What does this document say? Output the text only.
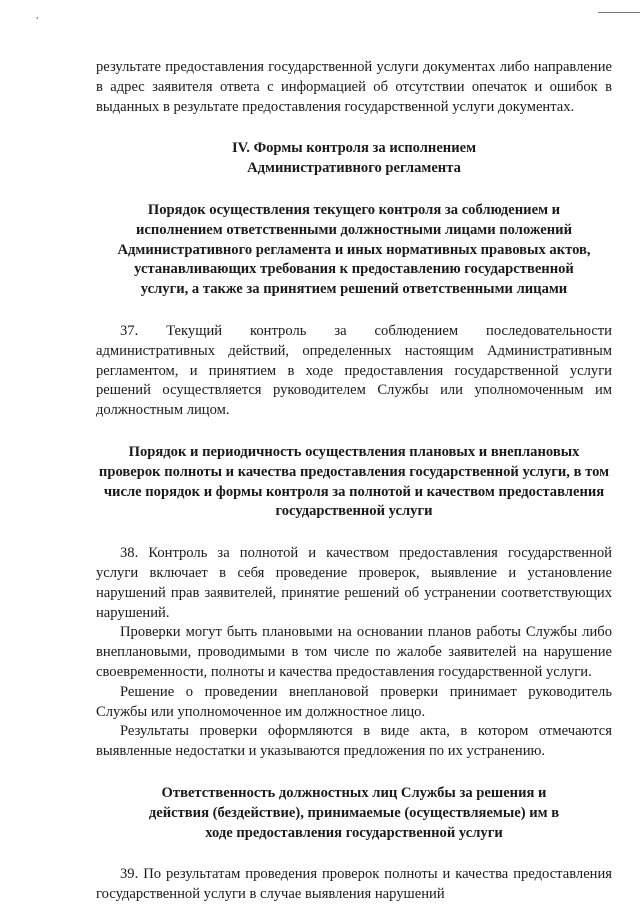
,

результате предоставления государственной услуги документах либо направление в адрес заявителя ответа с информацией об отсутствии опечаток и ошибок в выданных в результате предоставления государственной услуги документах.

IV. Формы контроля за исполнением Административного регламента
Порядок осуществления текущего контроля за соблюдением и исполнением ответственными должностными лицами положений Административного регламента и иных нормативных правовых актов, устанавливающих требования к предоставлению государственной услуги, а также за принятием решений ответственными лицами

37. Текущий контроль за соблюдением последовательности административных действий, определенных настоящим Административным регламентом, и принятием в ходе предоставления государственной услуги решений осуществляется руководителем Службы или уполномоченным им должностным лицом.

Порядок и периодичность осуществления плановых и внеплановых проверок полноты и качества предоставления государственной услуги, в том числе порядок и формы контроля за полнотой и качеством предоставления государственной услуги

38. Контроль за полнотой и качеством предоставления государственной услуги включает в себя проведение проверок, выявление и установление нарушений прав заявителей, принятие решений об устранении соответствующих нарушений.

Проверки могут быть плановыми на основании планов работы Службы либо внеплановыми, проводимыми в том числе по жалобе заявителей на нарушение своевременности, полноты и качества предоставления государственной услуги.

Решение о проведении внеплановой проверки принимает руководитель Службы или уполномоченное им должностное лицо.

Результаты проверки оформляются в виде акта, в котором отмечаются выявленные недостатки и указываются предложения по их устранению.

Ответственность должностных лиц Службы за решения и действия (бездействие), принимаемые (осуществляемые) им в ходе предоставления государственной услуги

39. По результатам проведения проверок полноты и качества предоставления государственной услуги в случае выявления нарушений
